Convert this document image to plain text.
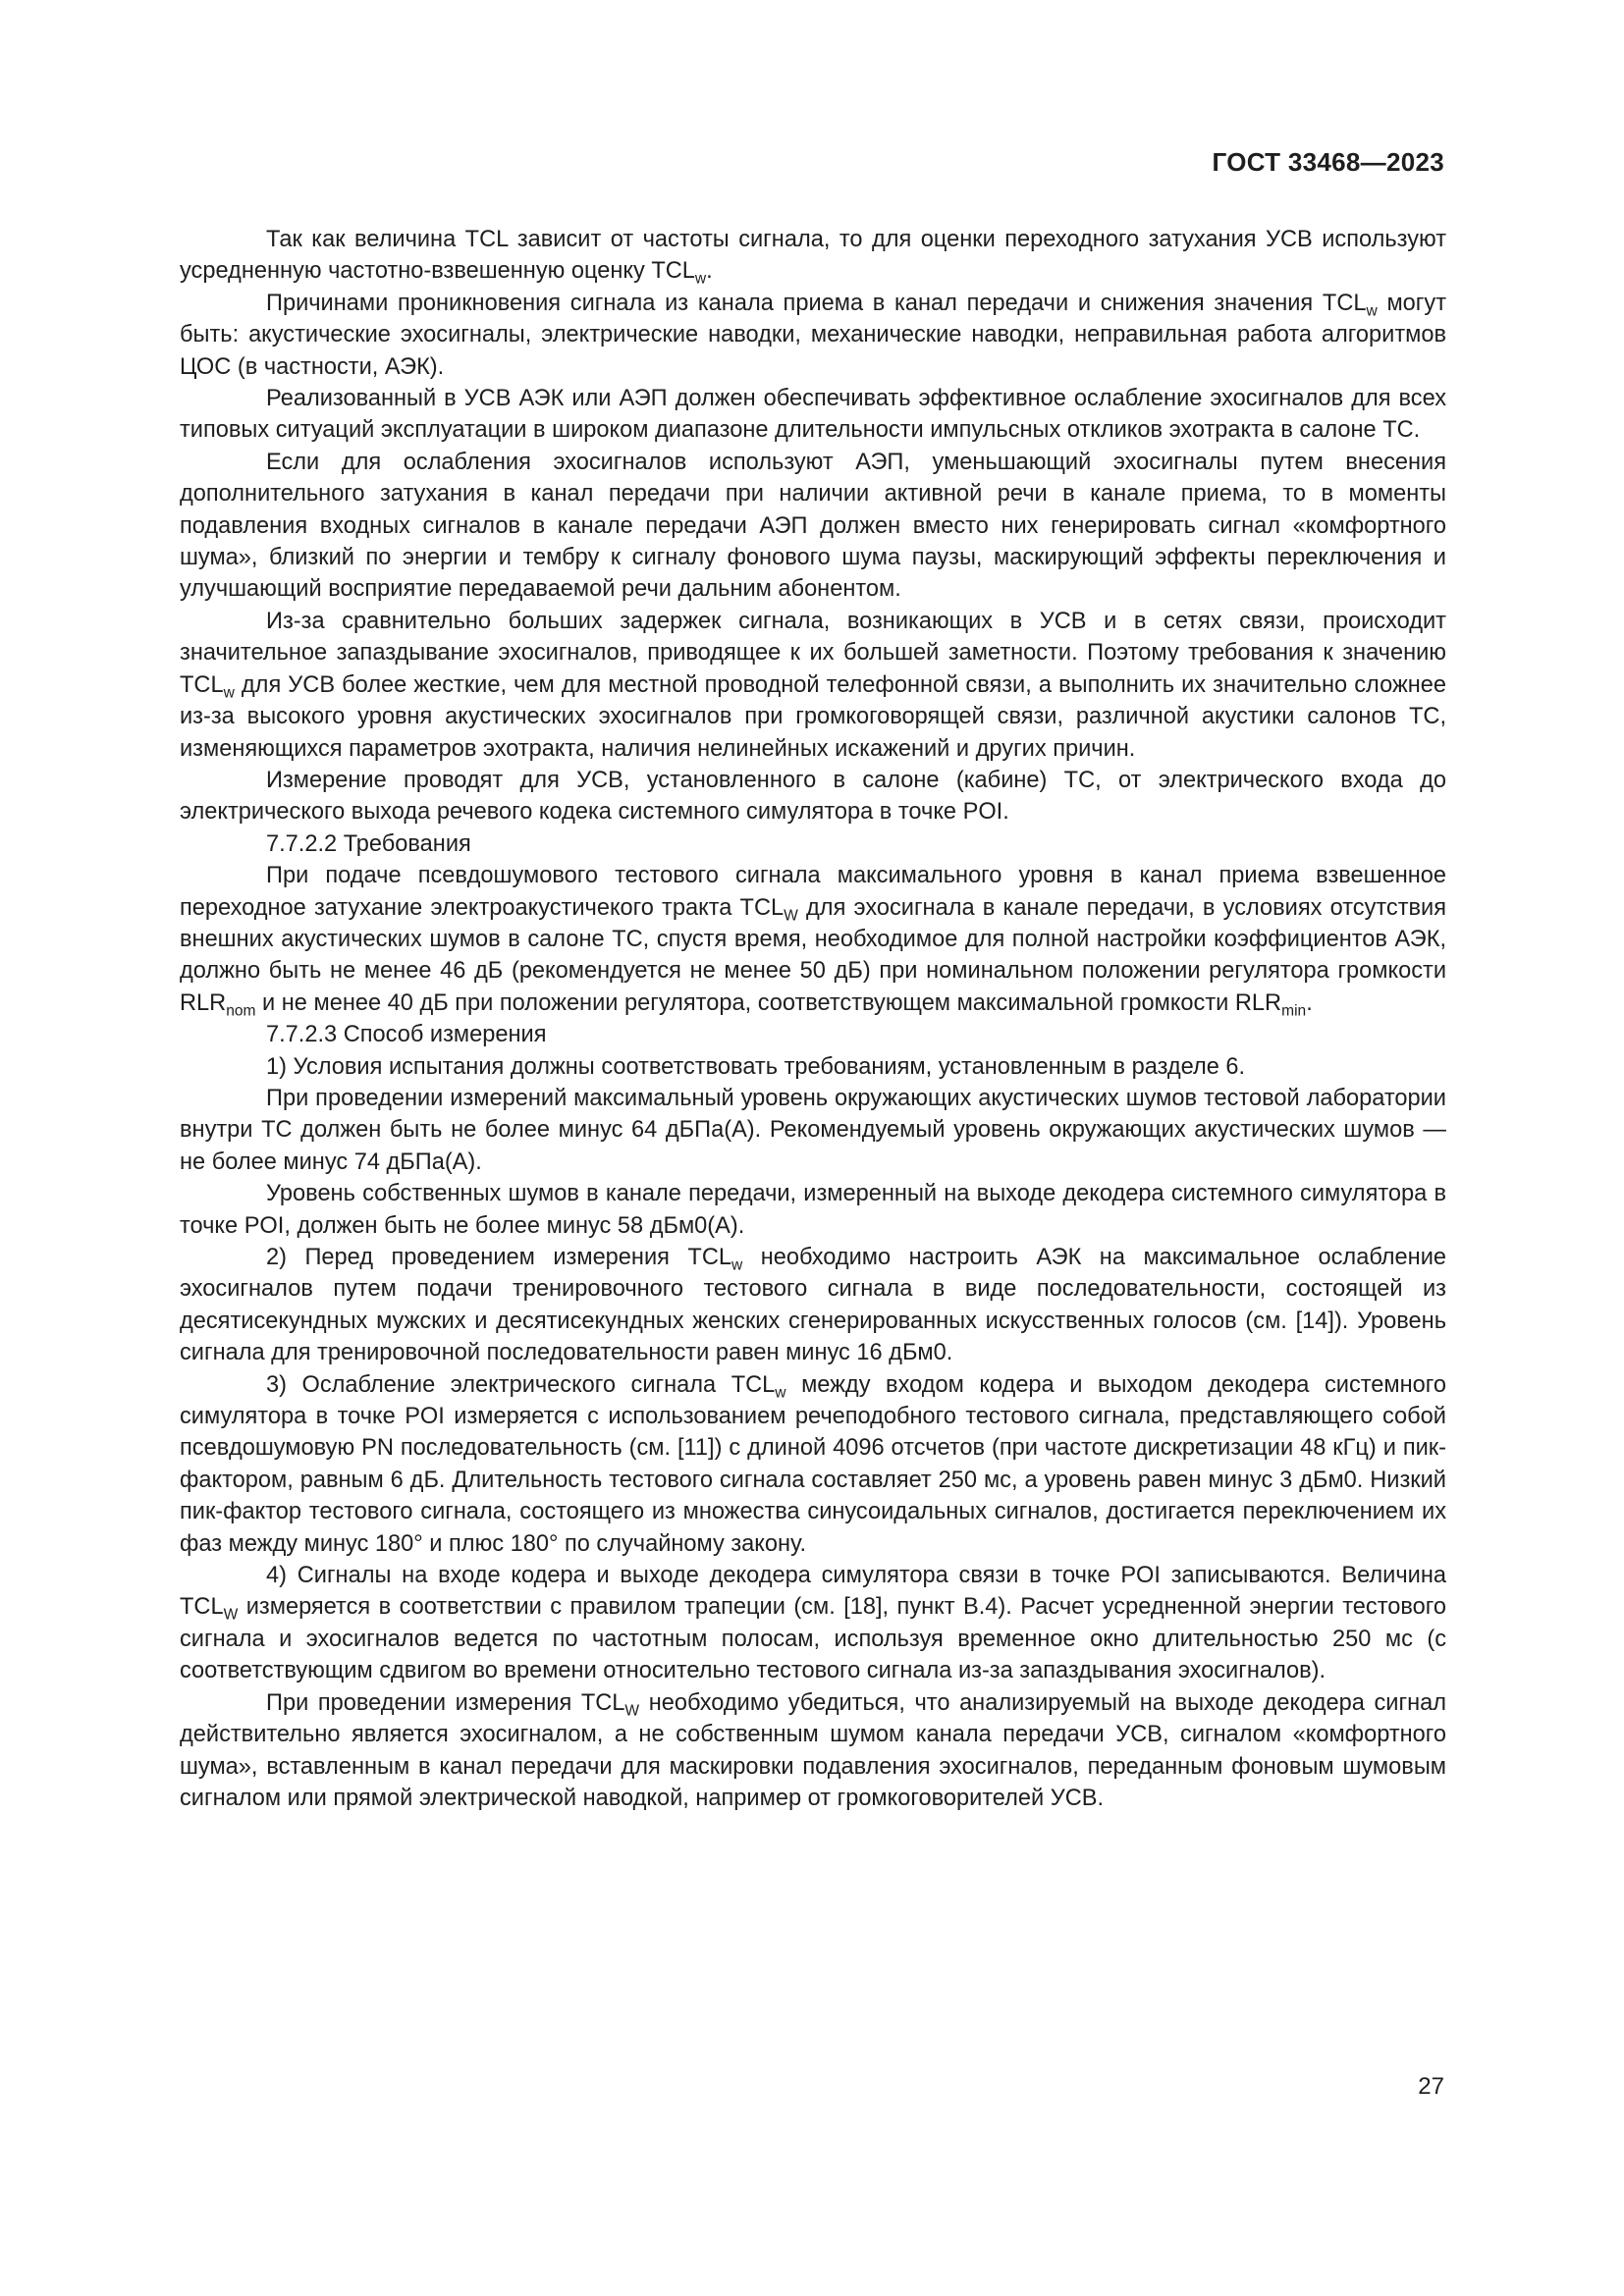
ГОСТ 33468—2023

Так как величина TCL зависит от частоты сигнала, то для оценки переходного затухания УСВ используют усредненную частотно-взвешенную оценку $TCL_w$.

Причинами проникновения сигнала из канала приема в канал передачи и снижения значения $TCL_w$ могут быть: акустические эхосигналы, электрические наводки, механические наводки, неправильная работа алгоритмов ЦОС (в частности, АЭК).

Реализованный в УСВ АЭК или АЭП должен обеспечивать эффективное ослабление эхосигналов для всех типовых ситуаций эксплуатации в широком диапазоне длительности импульсных откликов эхотракта в салоне ТС.

Если для ослабления эхосигналов используют АЭП, уменьшающий эхосигналы путем внесения дополнительного затухания в канал передачи при наличии активной речи в канале приема, то в моменты подавления входных сигналов в канале передачи АЭП должен вместо них генерировать сигнал «комфортного шума», близкий по энергии и тембру к сигналу фонового шума паузы, маскирующий эффекты переключения и улучшающий восприятие передаваемой речи дальним абонентом.

Из-за сравнительно больших задержек сигнала, возникающих в УСВ и в сетях связи, происходит значительное запаздывание эхосигналов, приводящее к их большей заметности. Поэтому требования к значению $TCL_w$ для УСВ более жесткие, чем для местной проводной телефонной связи, а выполнить их значительно сложнее из-за высокого уровня акустических эхосигналов при громкоговорящей связи, различной акустики салонов ТС, изменяющихся параметров эхотракта, наличия нелинейных искажений и других причин.

Измерение проводят для УСВ, установленного в салоне (кабине) ТС, от электрического входа до электрического выхода речевого кодека системного симулятора в точке POI.

7.7.2.2 Требования

При подаче псевдошумового тестового сигнала максимального уровня в канал приема взвешенное переходное затухание электроакустичекого тракта $TCL_W$ для эхосигнала в канале передачи, в условиях отсутствия внешних акустических шумов в салоне ТС, спустя время, необходимое для полной настройки коэффициентов АЭК, должно быть не менее 46 дБ (рекомендуется не менее 50 дБ) при номинальном положении регулятора громкости $RLR_{nom}$ и не менее 40 дБ при положении регулятора, соответствующем максимальной громкости $RLR_{min}$.

7.7.2.3 Способ измерения

1) Условия испытания должны соответствовать требованиям, установленным в разделе 6.

При проведении измерений максимальный уровень окружающих акустических шумов тестовой лаборатории внутри ТС должен быть не более минус 64 дБПа(A). Рекомендуемый уровень окружающих акустических шумов — не более минус 74 дБПа(A).

Уровень собственных шумов в канале передачи, измеренный на выходе декодера системного симулятора в точке POI, должен быть не более минус 58 дБм0(A).

2) Перед проведением измерения $TCL_w$ необходимо настроить АЭК на максимальное ослабление эхосигналов путем подачи тренировочного тестового сигнала в виде последовательности, состоящей из десятисекундных мужских и десятисекундных женских сгенерированных искусственных голосов (см. [14]). Уровень сигнала для тренировочной последовательности равен минус 16 дБм0.

3) Ослабление электрического сигнала $TCL_w$ между входом кодера и выходом декодера системного симулятора в точке POI измеряется с использованием речеподобного тестового сигнала, представляющего собой псевдошумовую PN последовательность (см. [11]) с длиной 4096 отсчетов (при частоте дискретизации 48 кГц) и пик-фактором, равным 6 дБ. Длительность тестового сигнала составляет 250 мс, а уровень равен минус 3 дБм0. Низкий пик-фактор тестового сигнала, состоящего из множества синусоидальных сигналов, достигается переключением их фаз между минус 180° и плюс 180° по случайному закону.

4) Сигналы на входе кодера и выходе декодера симулятора связи в точке POI записываются. Величина $TCL_W$ измеряется в соответствии с правилом трапеции (см. [18], пункт В.4). Расчет усредненной энергии тестового сигнала и эхосигналов ведется по частотным полосам, используя временное окно длительностью 250 мс (с соответствующим сдвигом во времени относительно тестового сигнала из-за запаздывания эхосигналов).

При проведении измерения $TCL_W$ необходимо убедиться, что анализируемый на выходе декодера сигнал действительно является эхосигналом, а не собственным шумом канала передачи УСВ, сигналом «комфортного шума», вставленным в канал передачи для маскировки подавления эхосигналов, переданным фоновым шумовым сигналом или прямой электрической наводкой, например от громкоговорителей УСВ.

27
